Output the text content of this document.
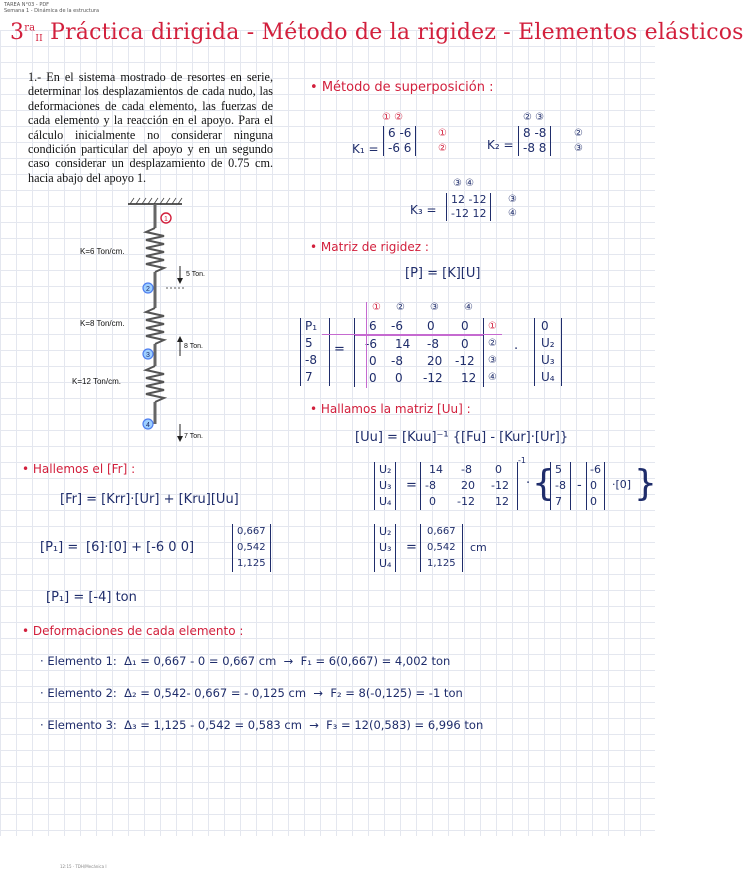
TAREA N°03 - PDF
Semana 1 - Dinámica de la estructura
$3^{ra}II$ Práctica dirigida - Método de la rigidez - Elementos elásticos
1.- En el sistema mostrado de resortes en serie, determinar los desplazamientos de cada nudo, las deformaciones de cada elemento, las fuerzas de cada elemento y la reacción en el apoyo. Para el cálculo inicialmente no considerar ninguna condición particular del apoyo y en un segundo caso considerar un desplazamiento de 0.75 cm. hacia abajo del apoyo 1.
1
2
3
4
K=6 Ton/cm.
K=8 Ton/cm.
K=12 Ton/cm.
5 Ton.
8 Ton.
7 Ton.
• Método de superposición :
K₁ =
① ②
6 -6
-6 6
①
②	K₂ =
② ③
8 -8
-8 8
②
③
K₃ =
③ ④
12 -12
-12 12
③
④
• Matriz de rigidez :
[P] = [K][U]
① ②	③	④
P₁
5
-8
7
=
6 -6 0 0
-6 14 -8 0
0 -8 20 -12
0 0 -12 12
①
②
③
④
·
0
U₂
U₃
U₄
• Hallamos la matriz [Uu] :
[Uu] = [Kuu]⁻¹ {[Fu] - [Kur]·[Ur]}
U₂
U₃
U₄
=
14 -8 0
-8 20 -12
0 -12 12
-1
· { 5
-8
7
-
-6
0
0
·[0] }
U₂
U₃
U₄
=
0,667
0,542
1,125
cm
• Hallemos el [Fr] :
[Fr] = [Krr]·[Ur] + [Kru][Uu]
[P₁] = [6]·[0] + [-6 0 0]
0,667
0,542
1,125
[P₁] = [-4] ton
• Deformaciones de cada elemento :
· Elemento 1: Δ₁ = 0,667 - 0 = 0,667 cm  →  F₁ = 6(0,667) = 4,002 ton
· Elemento 2: Δ₂ = 0,542- 0,667 = - 0,125 cm  →  F₂ = 8(-0,125) = -1 ton
· Elemento 3: Δ₃ = 1,125 - 0,542 = 0,583 cm  →  F₃ = 12(0,583) = 6,996 ton
12:15 · TDH/Mecánica I
